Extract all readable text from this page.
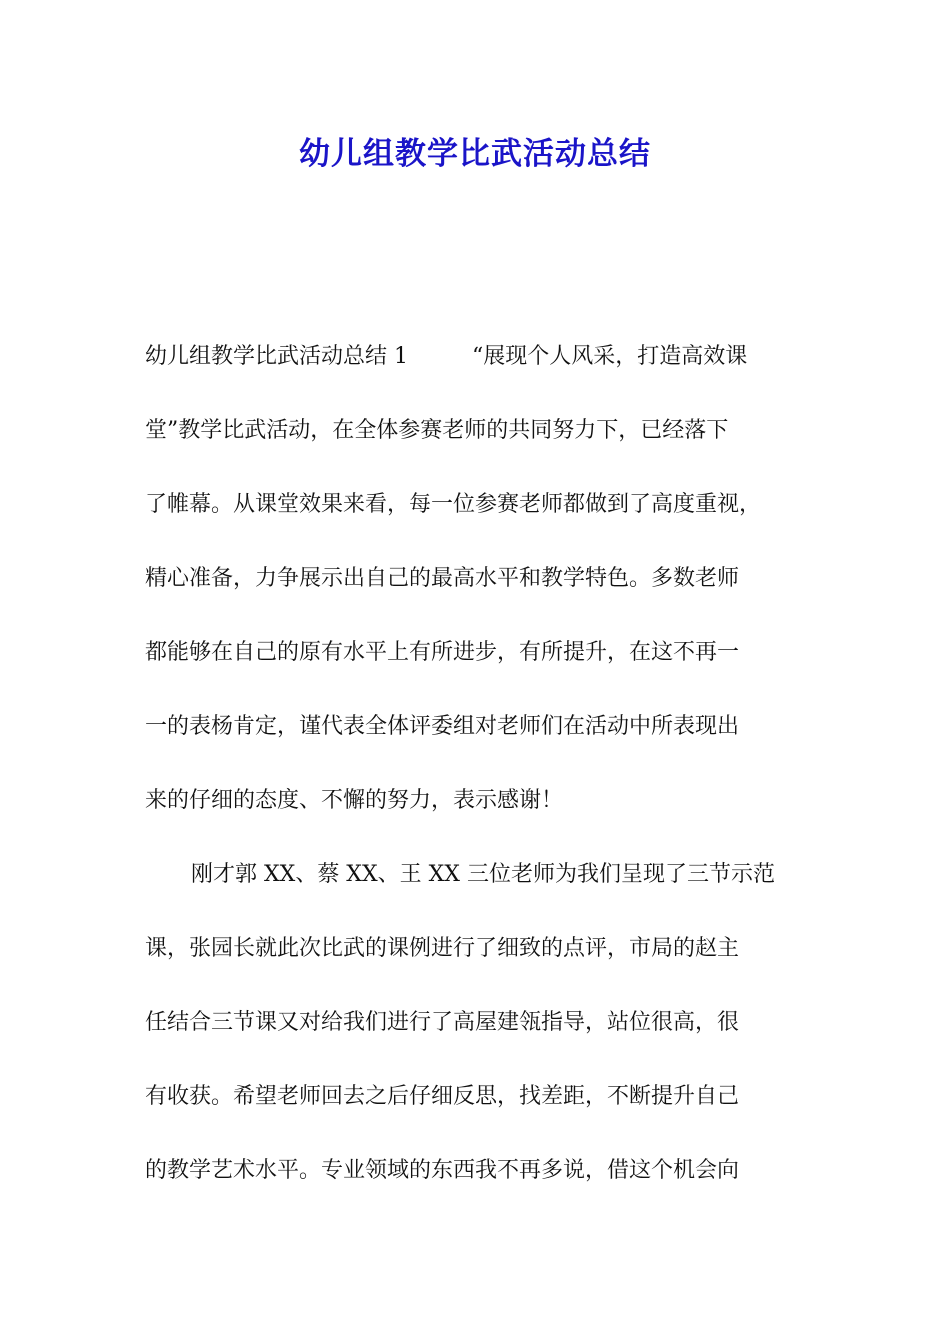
幼儿组教学比武活动总结
幼儿组教学比武活动总结 1	“展现个人风采，打造高效课
堂”教学比武活动，在全体参赛老师的共同努力下，已经落下
了帷幕。从课堂效果来看，每一位参赛老师都做到了高度重视，
精心准备，力争展示出自己的最高水平和教学特色。多数老师
都能够在自己的原有水平上有所进步，有所提升，在这不再一
一的表杨肯定，谨代表全体评委组对老师们在活动中所表现出
来的仔细的态度、不懈的努力，表示感谢！
刚才郭 XX、蔡 XX、王 XX 三位老师为我们呈现了三节示范
课，张园长就此次比武的课例进行了细致的点评，市局的赵主
任结合三节课又对给我们进行了高屋建瓴指导，站位很高，很
有收获。希望老师回去之后仔细反思，找差距，不断提升自己
的教学艺术水平。专业领域的东西我不再多说，借这个机会向
